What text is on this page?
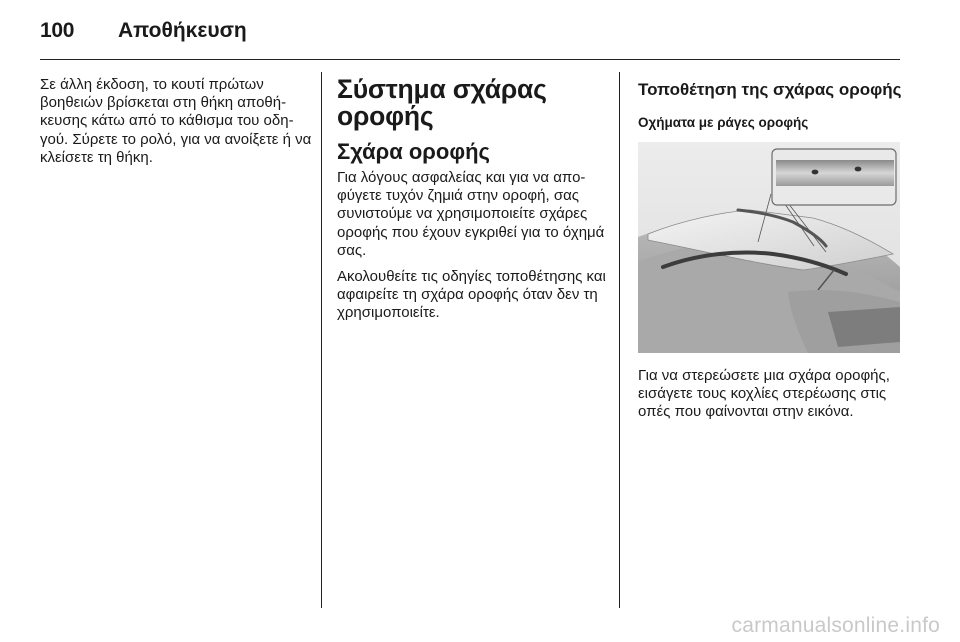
100 Αποθήκευση

Σε άλλη έκδοση, το κουτί πρώτων βοηθειών βρίσκεται στη θήκη αποθή-κευσης κάτω από το κάθισμα του οδη-γού. Σύρετε το ρολό, για να ανοίξετε ή να κλείσετε τη θήκη.

Σύστημα σχάρας οροφής
Σχάρα οροφής

Για λόγους ασφαλείας και για να απο-φύγετε τυχόν ζημιά στην οροφή, σας συνιστούμε να χρησιμοποιείτε σχάρες οροφής που έχουν εγκριθεί για το όχημά σας.

Ακολουθείτε τις οδηγίες τοποθέτησης και αφαιρείτε τη σχάρα οροφής όταν δεν τη χρησιμοποιείτε.

Τοποθέτηση της σχάρας οροφής
Οχήματα με ράγες οροφής

Για να στερεώσετε μια σχάρα οροφής, εισάγετε τους κοχλίες στερέωσης στις οπές που φαίνονται στην εικόνα.

carmanualsonline.info
